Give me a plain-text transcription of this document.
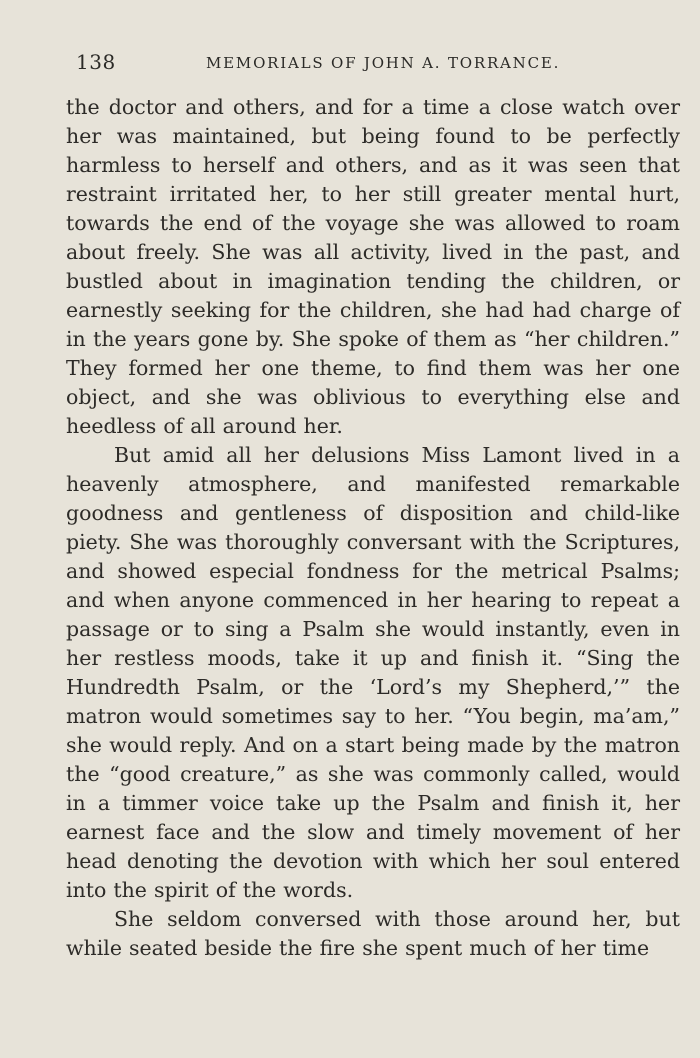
138	MEMORIALS OF JOHN A. TORRANCE.

the doctor and others, and for a time a close watch over her was maintained, but being found to be perfectly harmless to herself and others, and as it was seen that restraint irritated her, to her still greater mental hurt, towards the end of the voyage she was allowed to roam about freely. She was all activity, lived in the past, and bustled about in imagination tending the children, or earnestly seeking for the children, she had had charge of in the years gone by. She spoke of them as “her children.” They formed her one theme, to find them was her one object, and she was oblivious to everything else and heedless of all around her.

But amid all her delusions Miss Lamont lived in a heavenly atmosphere, and manifested remarkable goodness and gentleness of disposition and child-like piety. She was thoroughly conversant with the Scriptures, and showed especial fondness for the metrical Psalms; and when anyone commenced in her hearing to repeat a passage or to sing a Psalm she would instantly, even in her restless moods, take it up and finish it. “Sing the Hundredth Psalm, or the ‘Lord’s my Shepherd,’” the matron would sometimes say to her. “You begin, ma’am,” she would reply. And on a start being made by the matron the “good creature,” as she was commonly called, would in a timmer voice take up the Psalm and finish it, her earnest face and the slow and timely movement of her head denoting the devotion with which her soul entered into the spirit of the words.

She seldom conversed with those around her, but while seated beside the fire she spent much of her time
